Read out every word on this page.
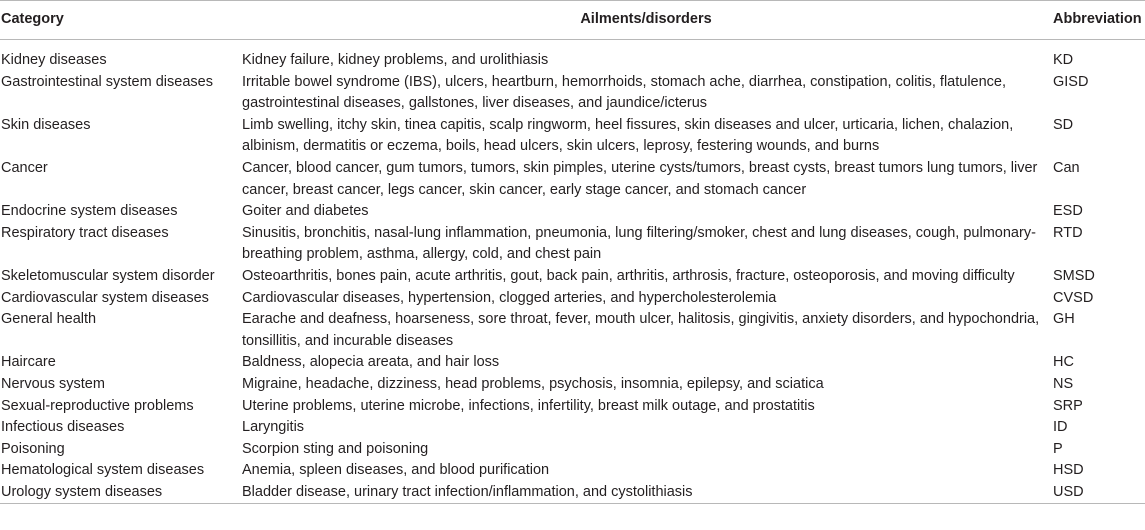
Category	Ailments/disorders	Abbreviation
Kidney diseases	Kidney failure, kidney problems, and urolithiasis	KD
Gastrointestinal system diseases	Irritable bowel syndrome (IBS), ulcers, heartburn, hemorrhoids, stomach ache, diarrhea, constipation, colitis, flatulence, gastrointestinal diseases, gallstones, liver diseases, and jaundice/icterus	GISD
Skin diseases	Limb swelling, itchy skin, tinea capitis, scalp ringworm, heel fissures, skin diseases and ulcer, urticaria, lichen, chalazion, albinism, dermatitis or eczema, boils, head ulcers, skin ulcers, leprosy, festering wounds, and burns	SD
Cancer	Cancer, blood cancer, gum tumors, tumors, skin pimples, uterine cysts/tumors, breast cysts, breast tumors lung tumors, liver cancer, breast cancer, legs cancer, skin cancer, early stage cancer, and stomach cancer	Can
Endocrine system diseases	Goiter and diabetes	ESD
Respiratory tract diseases	Sinusitis, bronchitis, nasal-lung inflammation, pneumonia, lung filtering/smoker, chest and lung diseases, cough, pulmonary-breathing problem, asthma, allergy, cold, and chest pain	RTD
Skeletomuscular system disorder	Osteoarthritis, bones pain, acute arthritis, gout, back pain, arthritis, arthrosis, fracture, osteoporosis, and moving difficulty	SMSD
Cardiovascular system diseases	Cardiovascular diseases, hypertension, clogged arteries, and hypercholesterolemia	CVSD
General health	Earache and deafness, hoarseness, sore throat, fever, mouth ulcer, halitosis, gingivitis, anxiety disorders, and hypochondria, tonsillitis, and incurable diseases	GH
Haircare	Baldness, alopecia areata, and hair loss	HC
Nervous system	Migraine, headache, dizziness, head problems, psychosis, insomnia, epilepsy, and sciatica	NS
Sexual-reproductive problems	Uterine problems, uterine microbe, infections, infertility, breast milk outage, and prostatitis	SRP
Infectious diseases	Laryngitis	ID
Poisoning	Scorpion sting and poisoning	P
Hematological system diseases	Anemia, spleen diseases, and blood purification	HSD
Urology system diseases	Bladder disease, urinary tract infection/inflammation, and cystolithiasis	USD
